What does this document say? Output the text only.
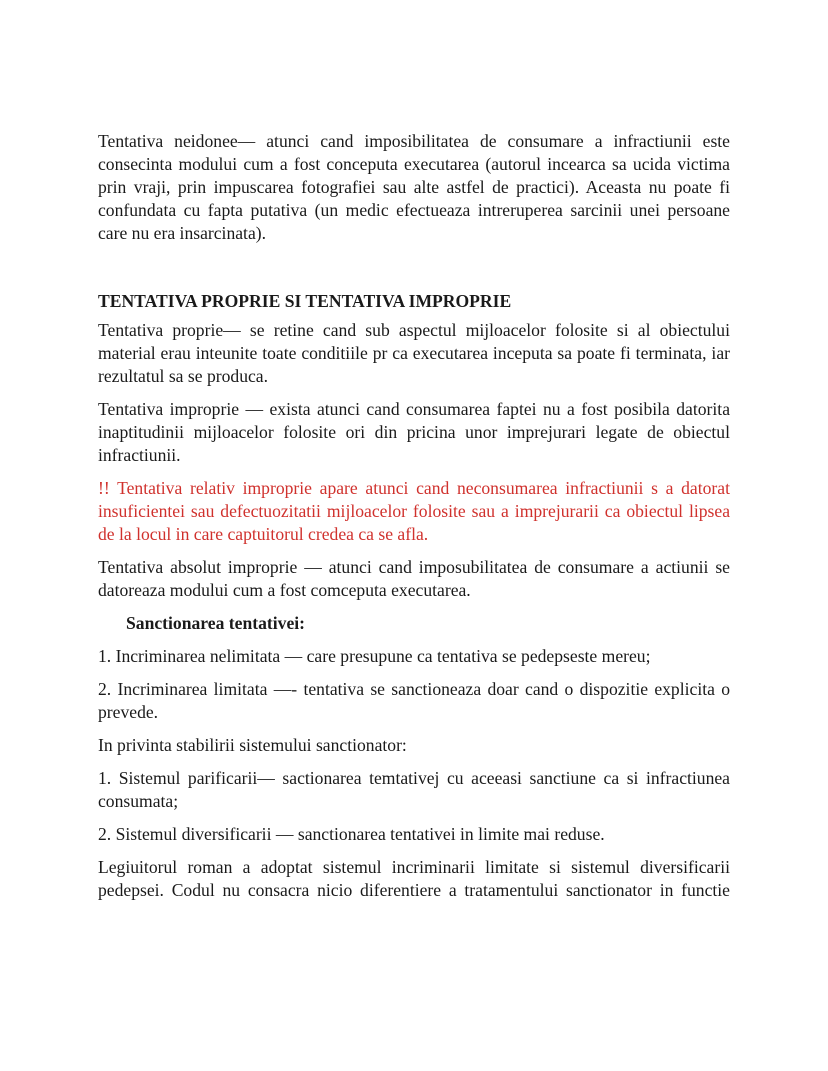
Tentativa neidonee— atunci cand imposibilitatea de consumare a infractiunii este consecinta modului cum a fost conceputa executarea (autorul incearca sa ucida victima prin vraji, prin impuscarea fotografiei sau alte astfel de practici). Aceasta nu poate fi confundata cu fapta putativa (un medic efectueaza intreruperea sarcinii unei persoane care nu era insarcinata).

TENTATIVA PROPRIE SI TENTATIVA IMPROPRIE

Tentativa proprie— se retine cand sub aspectul mijloacelor folosite si al obiectului material erau inteunite toate conditiile pr ca executarea inceputa sa poate fi terminata, iar rezultatul sa se produca.

Tentativa improprie — exista atunci cand consumarea faptei nu a fost posibila datorita inaptitudinii mijloacelor folosite ori din pricina unor imprejurari legate de obiectul infractiunii.

!! Tentativa relativ improprie apare atunci cand neconsumarea infractiunii s a datorat insuficientei sau defectuozitatii mijloacelor folosite sau a imprejurarii ca obiectul lipsea de la locul in care captuitorul credea ca se afla.

Tentativa absolut improprie — atunci cand imposubilitatea de consumare a actiunii se datoreaza modului cum a fost comceputa executarea.

Sanctionarea tentativei:

1. Incriminarea nelimitata — care presupune ca tentativa se pedepseste mereu;

2. Incriminarea limitata —- tentativa se sanctioneaza doar cand o dispozitie explicita o prevede.

In privinta stabilirii sistemului sanctionator:

1. Sistemul parificarii— sactionarea temtativej cu aceeasi sanctiune ca si infractiunea consumata;

2. Sistemul diversificarii — sanctionarea tentativei in limite mai reduse.

Legiuitorul roman a adoptat sistemul incriminarii limitate si sistemul diversificarii pedepsei. Codul nu consacra nicio diferentiere a tratamentului sanctionator in functie
